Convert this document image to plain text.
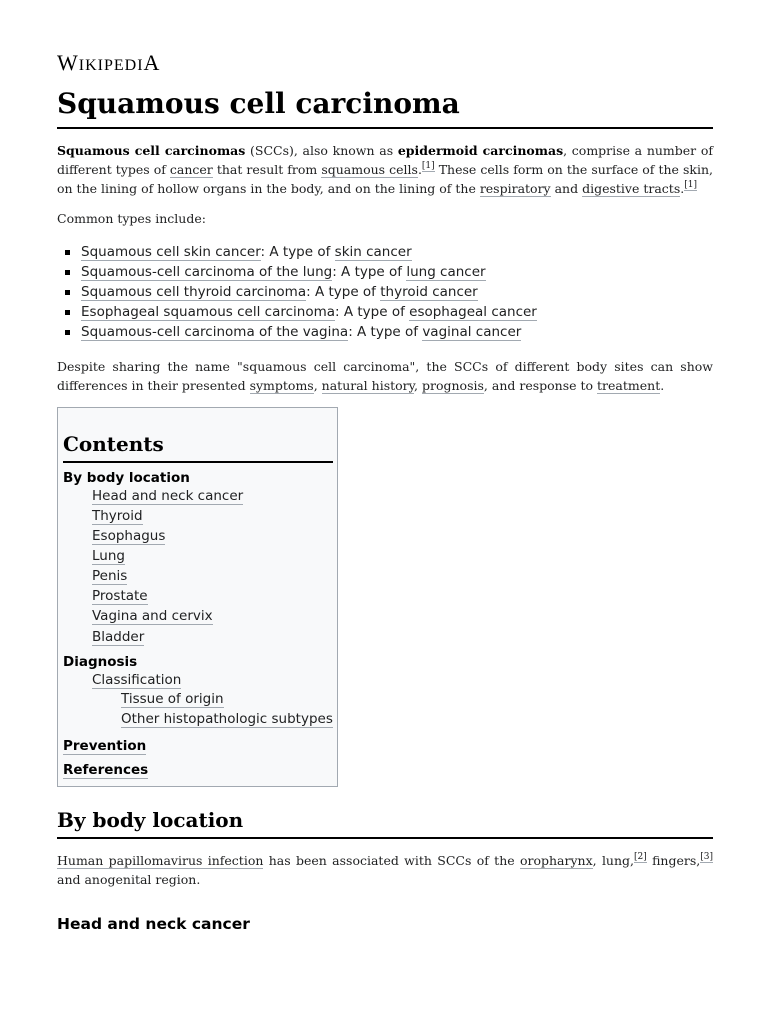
WIKIPEDIA
Squamous cell carcinoma

Squamous cell carcinomas (SCCs), also known as epidermoid carcinomas, comprise a number of different types of cancer that result from squamous cells.[1] These cells form on the surface of the skin, on the lining of hollow organs in the body, and on the lining of the respiratory and digestive tracts.[1]

Common types include:

Squamous cell skin cancer: A type of skin cancer
Squamous-cell carcinoma of the lung: A type of lung cancer
Squamous cell thyroid carcinoma: A type of thyroid cancer
Esophageal squamous cell carcinoma: A type of esophageal cancer
Squamous-cell carcinoma of the vagina: A type of vaginal cancer

Despite sharing the name "squamous cell carcinoma", the SCCs of different body sites can show differences in their presented symptoms, natural history, prognosis, and response to treatment.

Contents
By body location
Head and neck cancer
Thyroid
Esophagus
Lung
Penis
Prostate
Vagina and cervix
Bladder
Diagnosis
Classification
Tissue of origin
Other histopathologic subtypes
Prevention
References
By body location

Human papillomavirus infection has been associated with SCCs of the oropharynx, lung,[2] fingers,[3] and anogenital region.

Head and neck cancer
